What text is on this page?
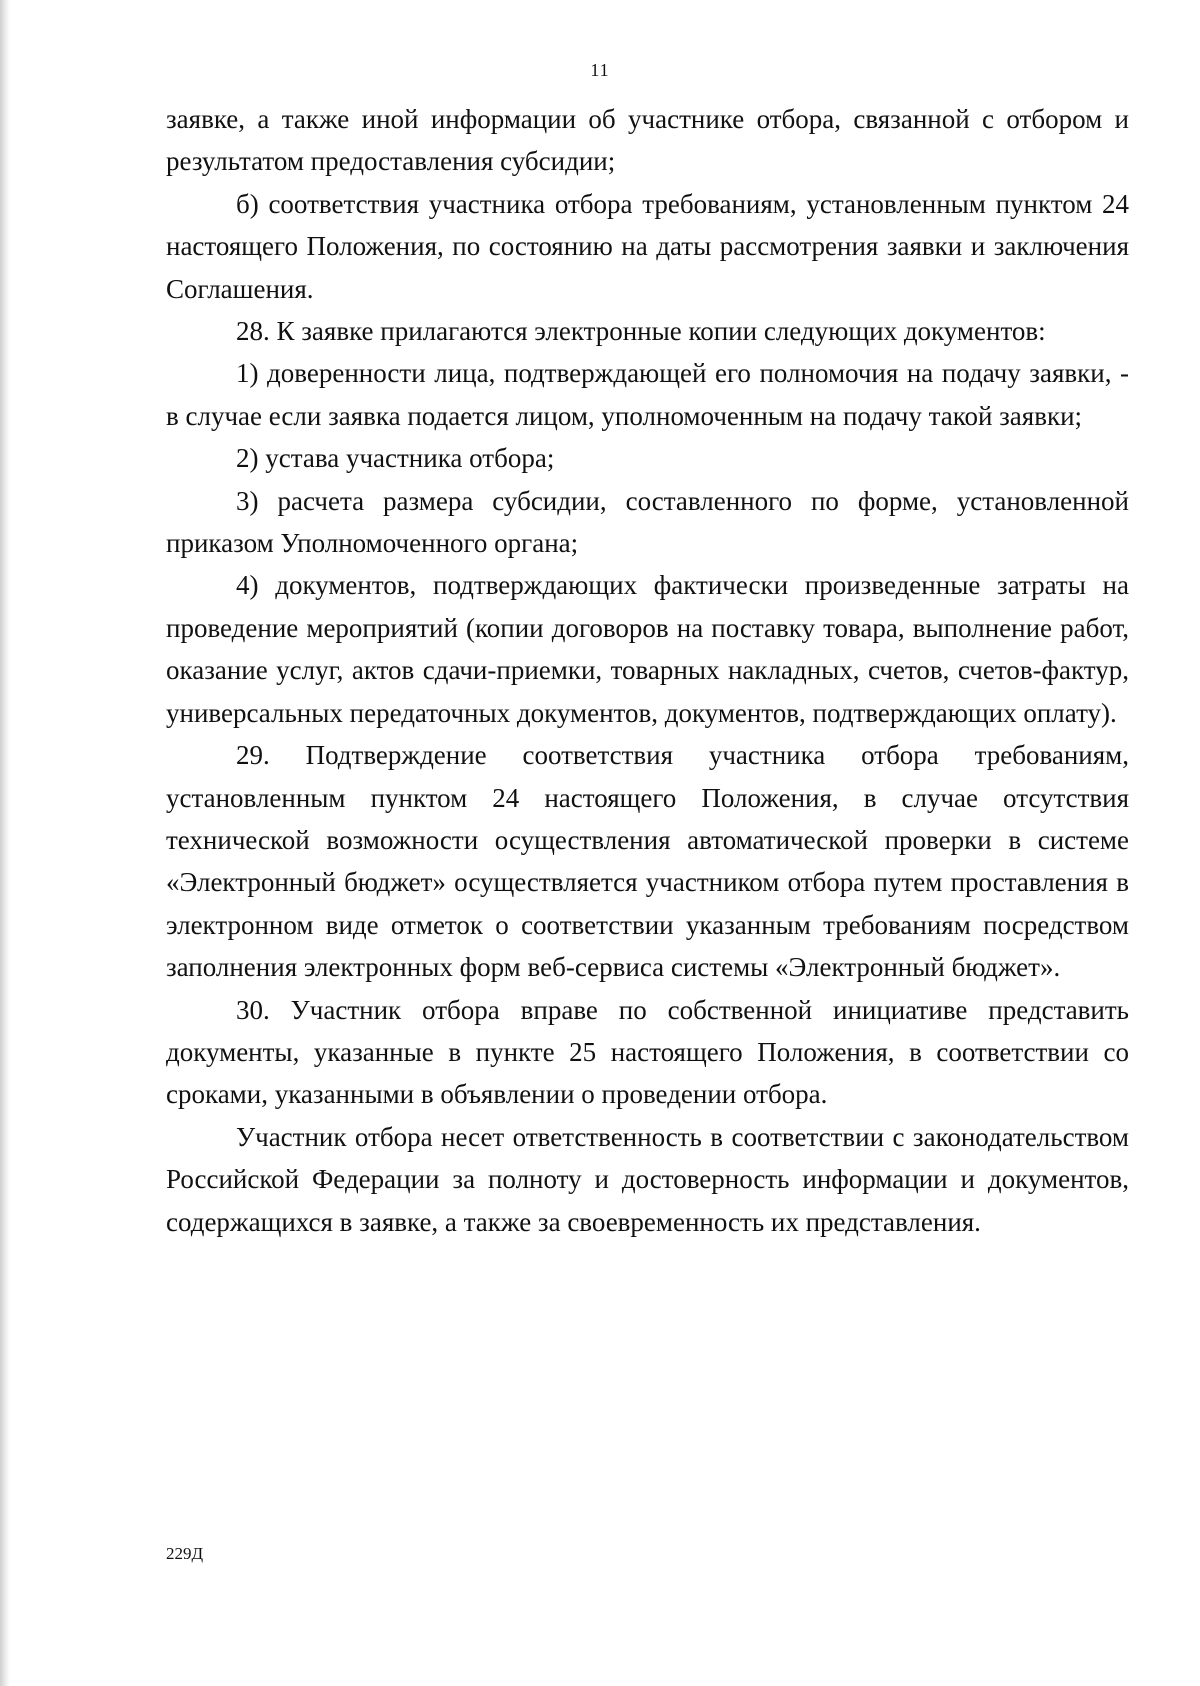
11

заявке, а также иной информации об участнике отбора, связанной с отбором и результатом предоставления субсидии;

б) соответствия участника отбора требованиям, установленным пунктом 24 настоящего Положения, по состоянию на даты рассмотрения заявки и заключения Соглашения.

28. К заявке прилагаются электронные копии следующих документов:

1) доверенности лица, подтверждающей его полномочия на подачу заявки, - в случае если заявка подается лицом, уполномоченным на подачу такой заявки;

2) устава участника отбора;

3) расчета размера субсидии, составленного по форме, установленной приказом Уполномоченного органа;

4) документов, подтверждающих фактически произведенные затраты на проведение мероприятий (копии договоров на поставку товара, выполнение работ, оказание услуг, актов сдачи-приемки, товарных накладных, счетов, счетов-фактур, универсальных передаточных документов, документов, подтверждающих оплату).

29. Подтверждение соответствия участника отбора требованиям, установленным пунктом 24 настоящего Положения, в случае отсутствия технической возможности осуществления автоматической проверки в системе «Электронный бюджет» осуществляется участником отбора путем проставления в электронном виде отметок о соответствии указанным требованиям посредством заполнения электронных форм веб-сервиса системы «Электронный бюджет».

30. Участник отбора вправе по собственной инициативе представить документы, указанные в пункте 25 настоящего Положения, в соответствии со сроками, указанными в объявлении о проведении отбора.

Участник отбора несет ответственность в соответствии с законодательством Российской Федерации за полноту и достоверность информации и документов, содержащихся в заявке, а также за своевременность их представления.

229Д
